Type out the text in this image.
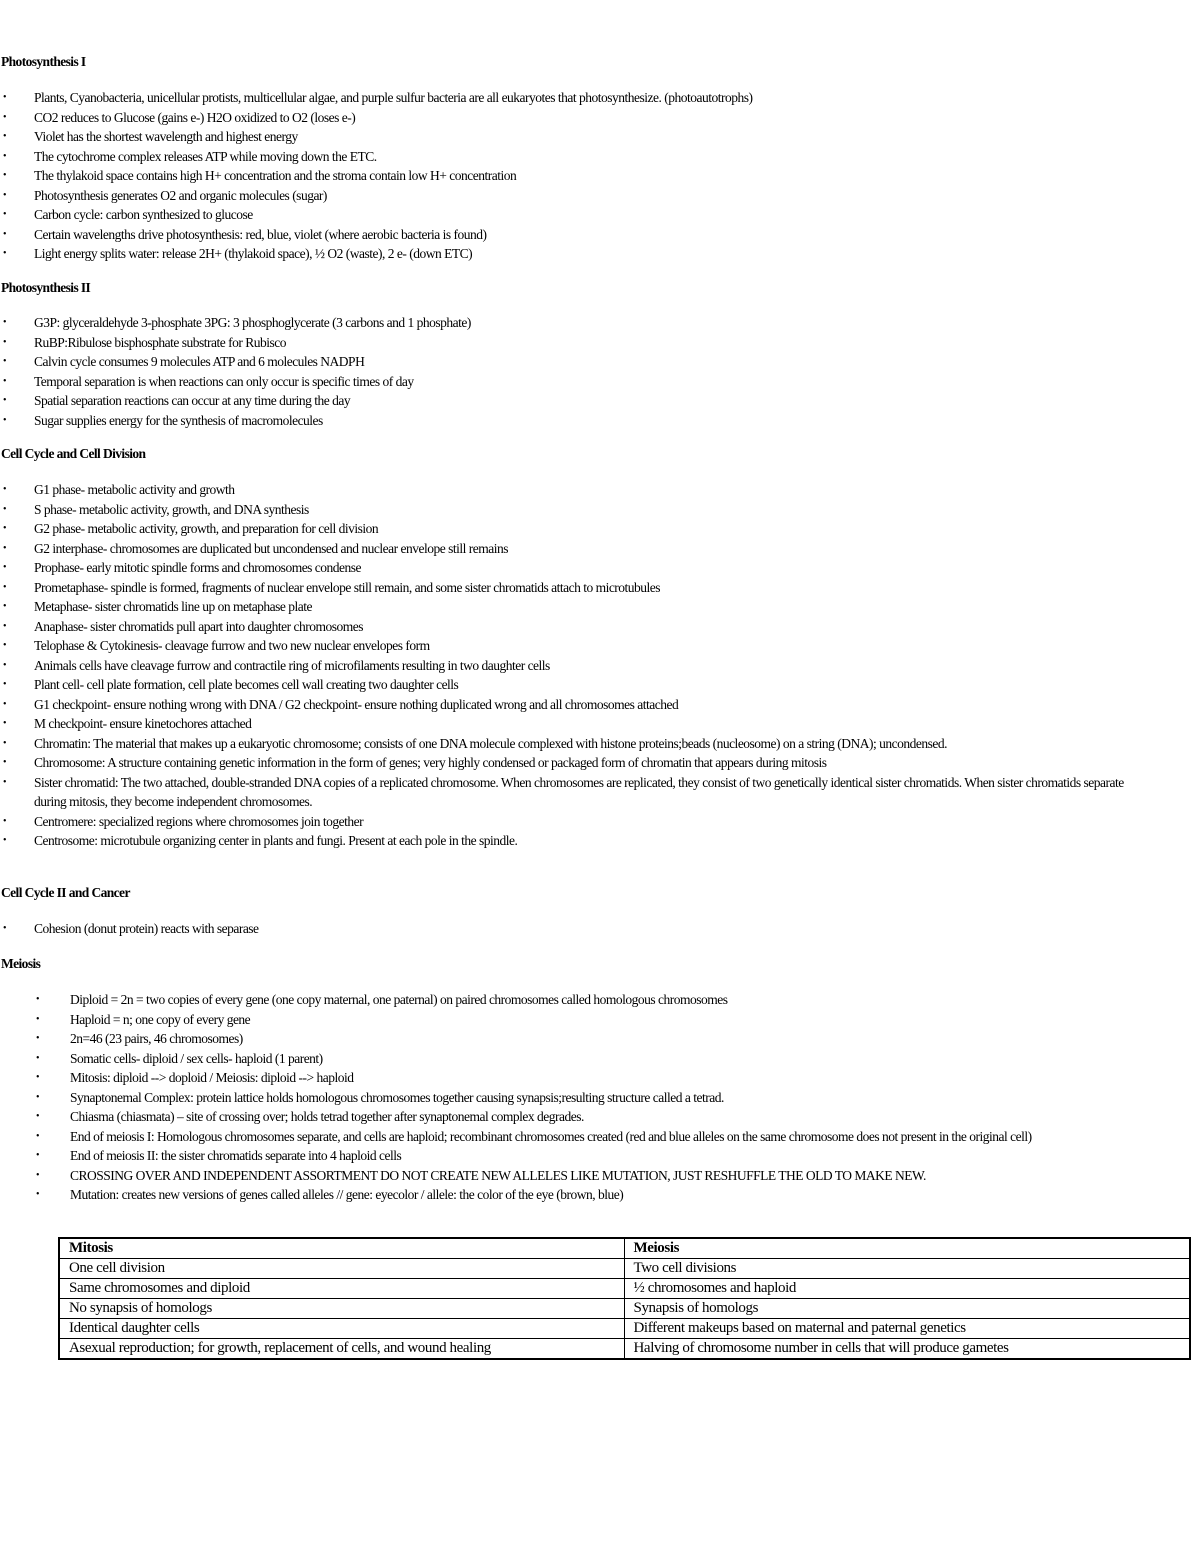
Photosynthesis I
• Plants, Cyanobacteria, unicellular protists, multicellular algae, and purple sulfur bacteria are all eukaryotes that photosynthesize. (photoautotrophs)
• CO2 reduces to Glucose (gains e-) H2O oxidized to O2 (loses e-)
• Violet has the shortest wavelength and highest energy
• The cytochrome complex releases ATP while moving down the ETC.
• The thylakoid space contains high H+ concentration and the stroma contain low H+ concentration
• Photosynthesis generates O2 and organic molecules (sugar)
• Carbon cycle: carbon synthesized to glucose
• Certain wavelengths drive photosynthesis: red, blue, violet (where aerobic bacteria is found)
• Light energy splits water: release 2H+ (thylakoid space), ½ O2 (waste), 2 e- (down ETC)
Photosynthesis II
• G3P: glyceraldehyde 3-phosphate 3PG: 3 phosphoglycerate (3 carbons and 1 phosphate)
• RuBP:Ribulose bisphosphate substrate for Rubisco
• Calvin cycle consumes 9 molecules ATP and 6 molecules NADPH
• Temporal separation is when reactions can only occur is specific times of day
• Spatial separation reactions can occur at any time during the day
• Sugar supplies energy for the synthesis of macromolecules
Cell Cycle and Cell Division
• G1 phase- metabolic activity and growth
• S phase- metabolic activity, growth, and DNA synthesis
• G2 phase- metabolic activity, growth, and preparation for cell division
• G2 interphase- chromosomes are duplicated but uncondensed and nuclear envelope still remains
• Prophase- early mitotic spindle forms and chromosomes condense
• Prometaphase- spindle is formed, fragments of nuclear envelope still remain, and some sister chromatids attach to microtubules
• Metaphase- sister chromatids line up on metaphase plate
• Anaphase- sister chromatids pull apart into daughter chromosomes
• Telophase & Cytokinesis- cleavage furrow and two new nuclear envelopes form
• Animals cells have cleavage furrow and contractile ring of microfilaments resulting in two daughter cells
• Plant cell- cell plate formation, cell plate becomes cell wall creating two daughter cells
• G1 checkpoint- ensure nothing wrong with DNA / G2 checkpoint- ensure nothing duplicated wrong and all chromosomes attached
• M checkpoint- ensure kinetochores attached
• Chromatin: The material that makes up a eukaryotic chromosome; consists of one DNA molecule complexed with histone proteins;beads (nucleosome) on a string (DNA); uncondensed.
• Chromosome: A structure containing genetic information in the form of genes; very highly condensed or packaged form of chromatin that appears during mitosis
• Sister chromatid: The two attached, double-stranded DNA copies of a replicated chromosome. When chromosomes are replicated, they consist of two genetically identical sister chromatids. When sister chromatids separate during mitosis, they become independent chromosomes.
• Centromere: specialized regions where chromosomes join together
• Centrosome: microtubule organizing center in plants and fungi. Present at each pole in the spindle.
Cell Cycle II and Cancer
• Cohesion (donut protein) reacts with separase
Meiosis
• Diploid = 2n = two copies of every gene (one copy maternal, one paternal) on paired chromosomes called homologous chromosomes
• Haploid = n; one copy of every gene
• 2n=46 (23 pairs, 46 chromosomes)
• Somatic cells- diploid / sex cells- haploid (1 parent)
• Mitosis: diploid --> doploid / Meiosis: diploid --> haploid
• Synaptonemal Complex: protein lattice holds homologous chromosomes together causing synapsis;resulting structure called a tetrad.
• Chiasma (chiasmata) – site of crossing over; holds tetrad together after synaptonemal complex degrades.
• End of meiosis I: Homologous chromosomes separate, and cells are haploid; recombinant chromosomes created (red and blue alleles on the same chromosome does not present in the original cell)
• End of meiosis II: the sister chromatids separate into 4 haploid cells
• CROSSING OVER AND INDEPENDENT ASSORTMENT DO NOT CREATE NEW ALLELES LIKE MUTATION, JUST RESHUFFLE THE OLD TO MAKE NEW.
• Mutation: creates new versions of genes called alleles // gene: eyecolor / allele: the color of the eye (brown, blue)
Mitosis	Meiosis
One cell division	Two cell divisions
Same chromosomes and diploid	½ chromosomes and haploid
No synapsis of homologs	Synapsis of homologs
Identical daughter cells	Different makeups based on maternal and paternal genetics
Asexual reproduction; for growth, replacement of cells, and wound healing	Halving of chromosome number in cells that will produce gametes
